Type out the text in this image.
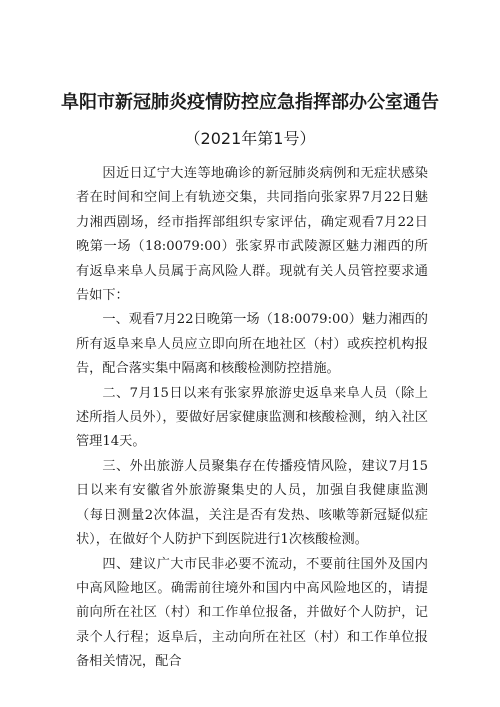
阜阳市新冠肺炎疫情防控应急指挥部办公室通告
（2021年第1号）

因近日辽宁大连等地确诊的新冠肺炎病例和无症状感染者在时间和空间上有轨迹交集，共同指向张家界7月22日魅力湘西剧场，经市指挥部组织专家评估，确定观看7月22日晚第一场（18:0079:00）张家界市武陵源区魅力湘西的所有返阜来阜人员属于高风险人群。现就有关人员管控要求通告如下：

一、观看7月22日晚第一场（18:0079:00）魅力湘西的所有返阜来阜人员应立即向所在地社区（村）或疾控机构报告，配合落实集中隔离和核酸检测防控措施。

二、7月15日以来有张家界旅游史返阜来阜人员（除上述所指人员外），要做好居家健康监测和核酸检测，纳入社区管理14天。

三、外出旅游人员聚集存在传播疫情风险，建议7月15日以来有安徽省外旅游聚集史的人员，加强自我健康监测（每日测量2次体温，关注是否有发热、咳嗽等新冠疑似症状），在做好个人防护下到医院进行1次核酸检测。

四、建议广大市民非必要不流动，不要前往国外及国内中高风险地区。确需前往境外和国内中高风险地区的，请提前向所在社区（村）和工作单位报备，并做好个人防护，记录个人行程；返阜后，主动向所在社区（村）和工作单位报备相关情况，配合
